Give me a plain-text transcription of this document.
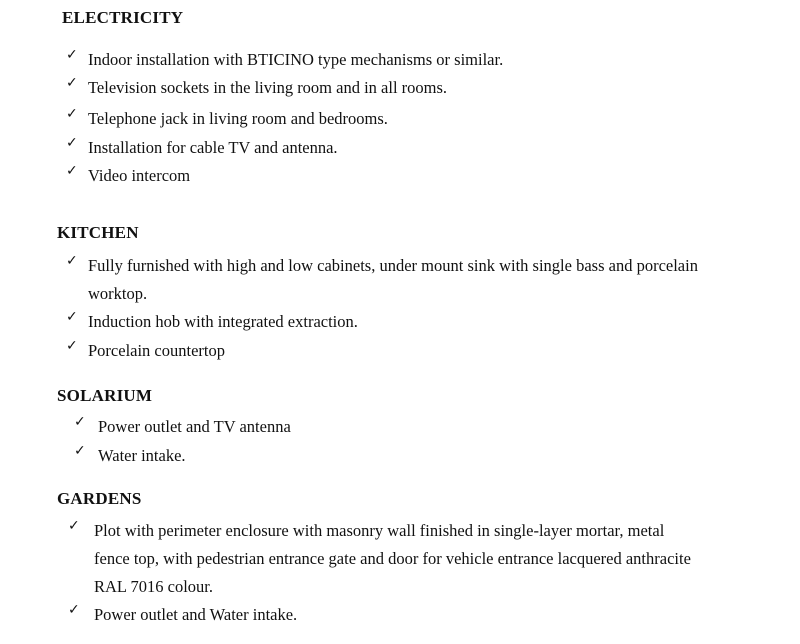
ELECTRICITY
✓ Indoor installation with BTICINO type mechanisms or similar.
✓ Television sockets in the living room and in all rooms.
✓ Telephone jack in living room and bedrooms.
✓ Installation for cable TV and antenna.
✓ Video intercom
KITCHEN
✓ Fully furnished with high and low cabinets, under mount sink with single bass and porcelain
worktop.
✓ Induction hob with integrated extraction.
✓ Porcelain countertop
SOLARIUM
✓ Power outlet and TV antenna
✓ Water intake.
GARDENS
✓ Plot with perimeter enclosure with masonry wall finished in single-layer mortar, metal
fence top, with pedestrian entrance gate and door for vehicle entrance lacquered anthracite
RAL 7016 colour.
✓ Power outlet and Water intake.
